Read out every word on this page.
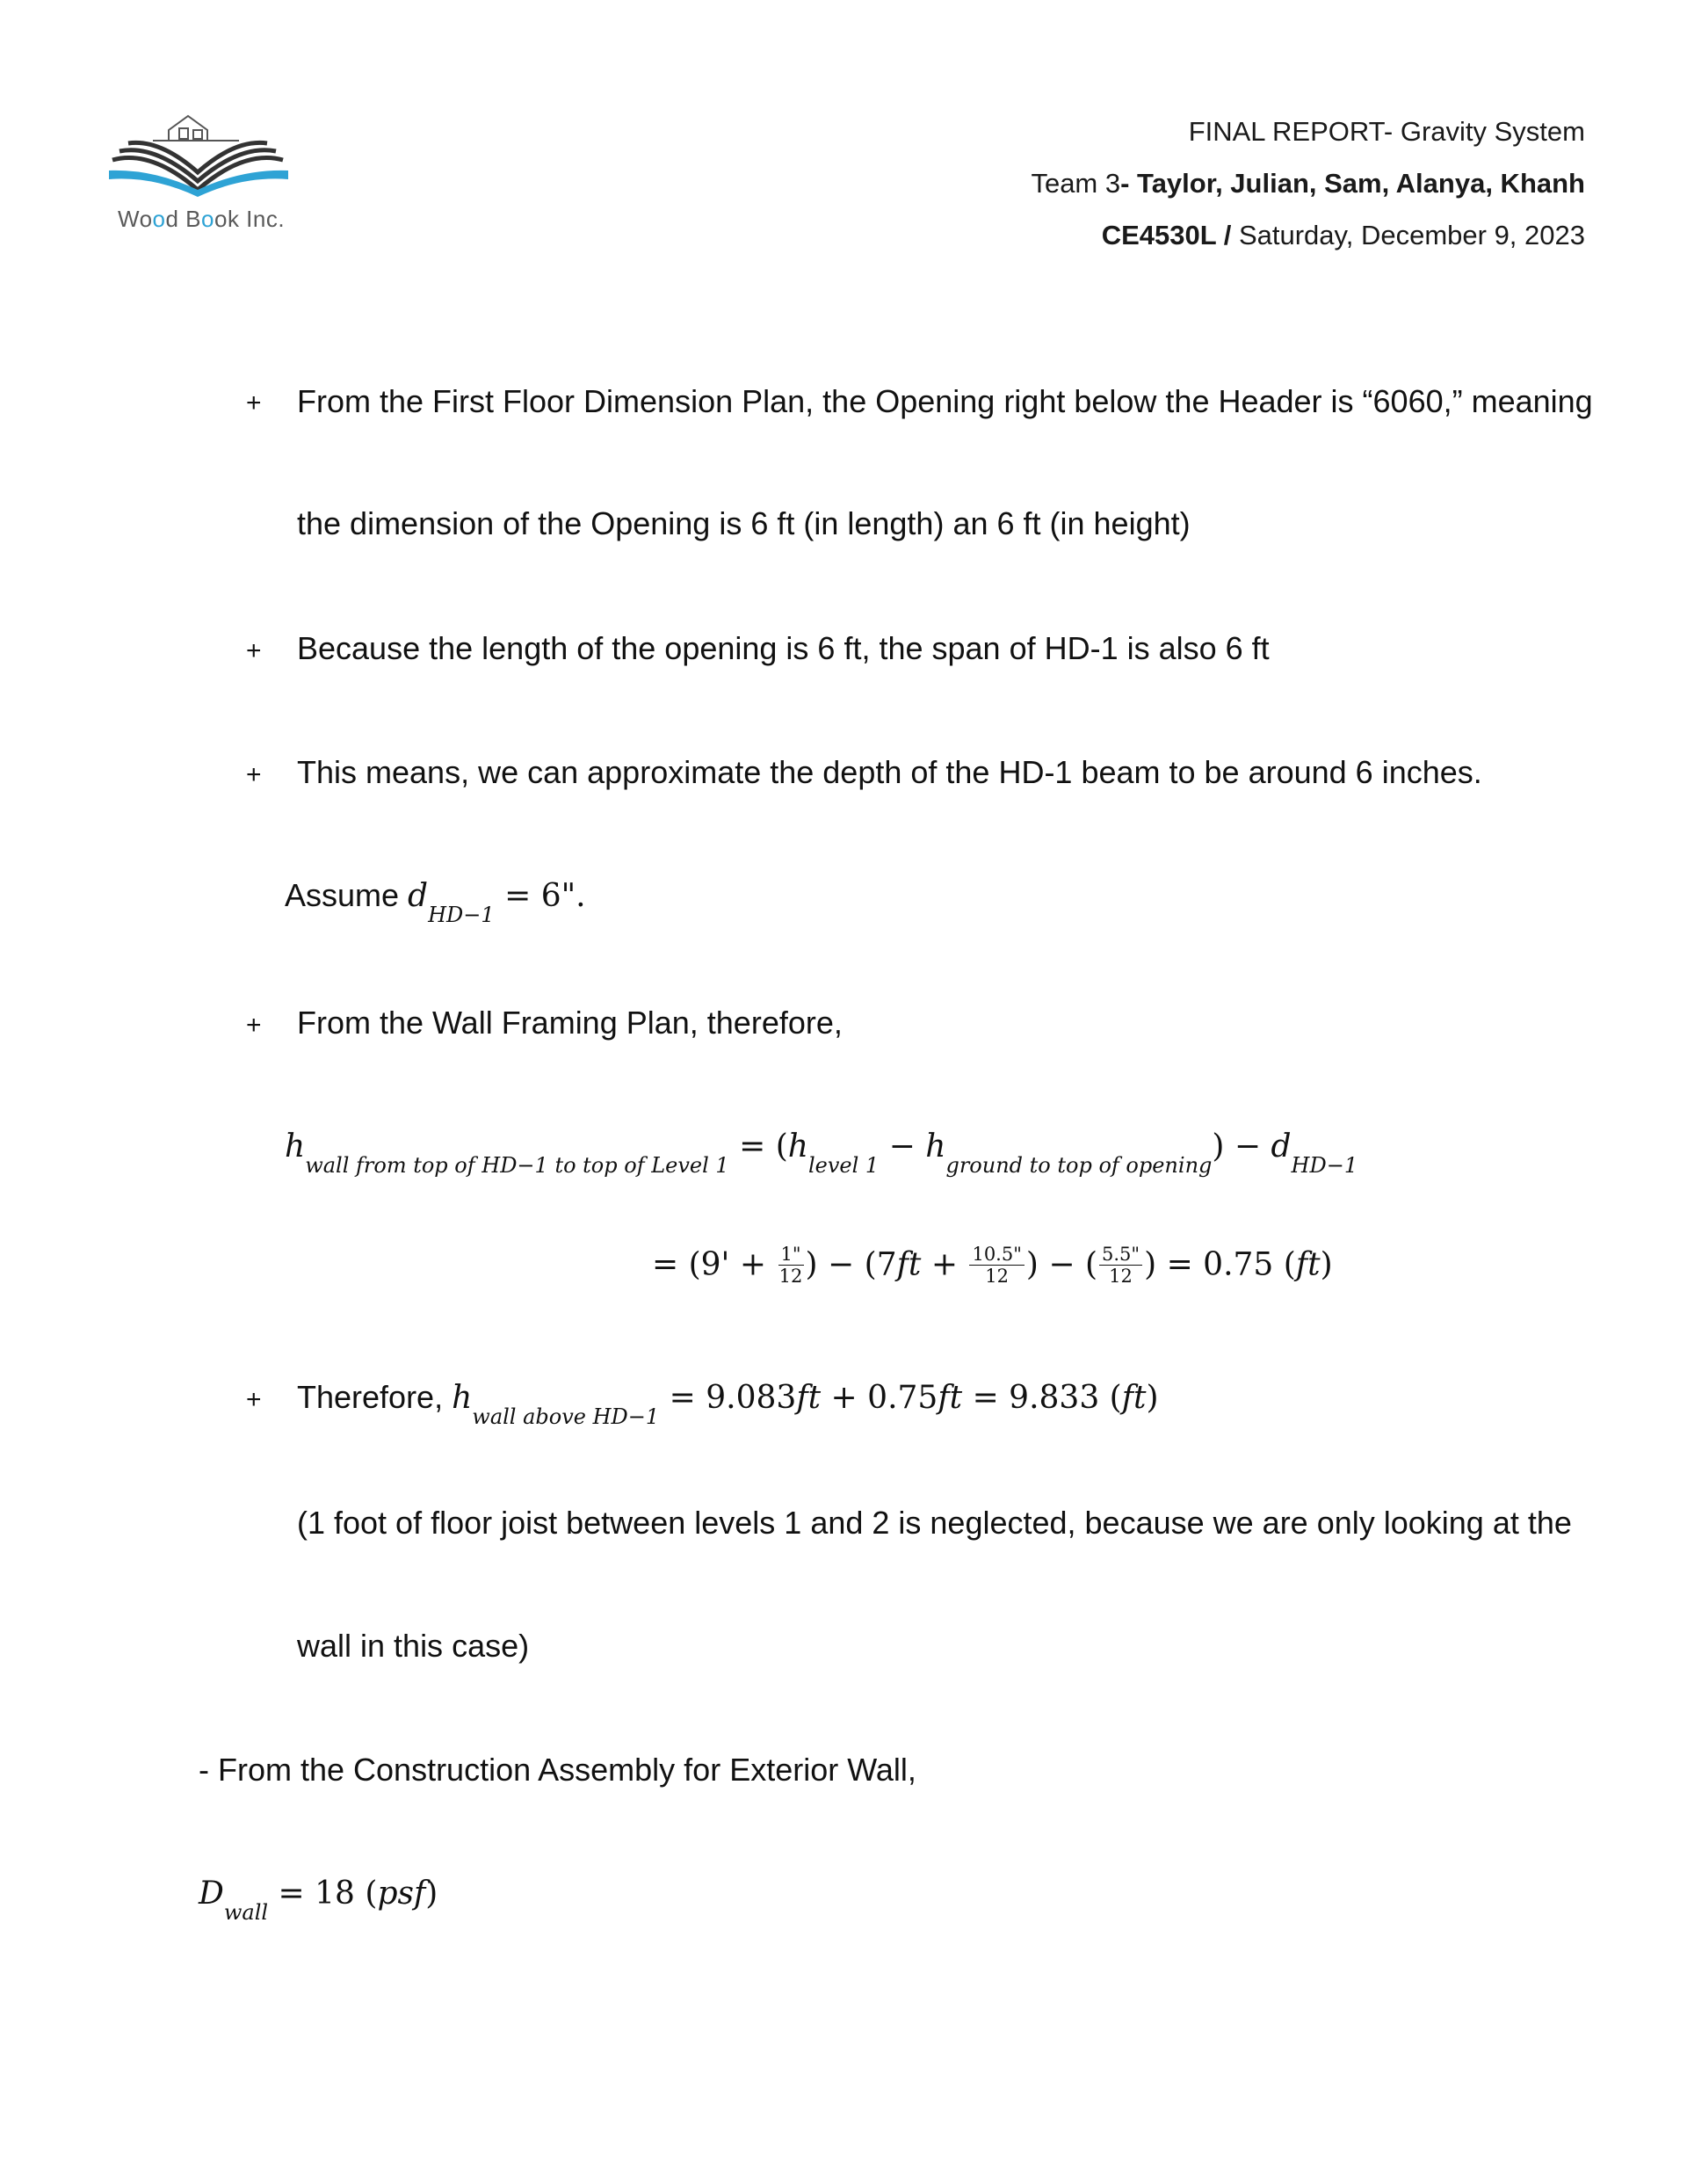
Wood Book Inc.
FINAL REPORT- Gravity System
Team 3- Taylor, Julian, Sam, Alanya, Khanh
CE4530L / Saturday, December 9, 2023
+ From the First Floor Dimension Plan, the Opening right below the Header is “6060,” meaning
the dimension of the Opening is 6 ft (in length) an 6 ft (in height)
+ Because the length of the opening is 6 ft, the span of HD-1 is also 6 ft
+ This means, we can approximate the depth of the HD-1 beam to be around 6 inches.
Assume $d_{HD-1} = 6$".
+ From the Wall Framing Plan, therefore,
$h_{wall from top of HD-1 to top of Level 1} = (h_{level 1} - h_{ground to top of opening}) - d_{HD-1}$
= ($9' + \frac{1"}{12}$ ) − ($7ft + \frac{10.5"}{12}$ ) − ( $\frac{5.5"}{12}$ ) = 0.75 (ft)
+ Therefore, $h_{wall above HD-1} = 9.083ft + 0.75ft = 9.833$ (ft)
(1 foot of floor joist between levels 1 and 2 is neglected, because we are only looking at the
wall in this case)
- From the Construction Assembly for Exterior Wall,
$D_{wall} = 18$ (psf)
